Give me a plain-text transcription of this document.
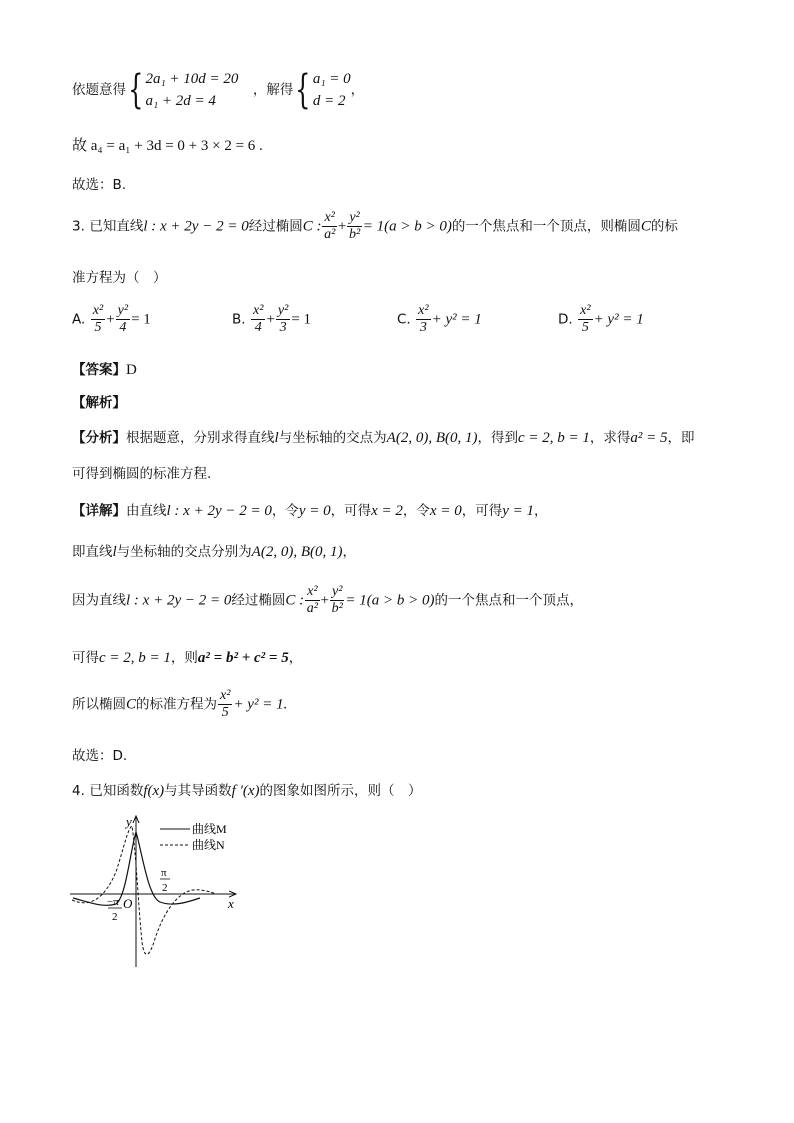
依题意得{ 2a₁ + 10d = 20
a₁ + 2d = 4
，解得{ a₁ = 0
d = 2
，
故 a₄ = a₁ + 3d = 0 + 3 × 2 = 6 .
故选：B.
3. 已知直线l : x + 2y − 2 = 0经过椭圆C : $\frac{\text{x²}}{\text{a²}} + \frac{\text{y²}}{\text{b²}} = 1(a > b > 0)$的一个焦点和一个顶点，则椭圆C的标
准方程为（　）
A. $\frac{\text{x²}}{5} + \frac{\text{y²}}{4} = 1$	B. $\frac{\text{x²}}{4} + \frac{\text{y²}}{3} = 1$	C. $\frac{\text{x²}}{3} + y^2 = 1$	D. $\frac{\text{x²}}{5} + y^2 = 1$
【答案】D
【解析】
【分析】根据题意，分别求得直线l与坐标轴的交点为A(2, 0), B(0, 1)，得到c = 2, b = 1，求得a² = 5，即
可得到椭圆的标准方程.
【详解】由直线l : x + 2y − 2 = 0，令y = 0，可得x = 2，令x = 0，可得y = 1，
即直线l与坐标轴的交点分别为A(2, 0), B(0, 1)，
因为直线l : x + 2y − 2 = 0经过椭圆C : $\frac{\text{x²}}{\text{a²}} + \frac{\text{y²}}{\text{b²}} = 1(a > b > 0)$的一个焦点和一个顶点，
可得c = 2, b = 1，则a² = b² + c² = 5，
所以椭圆C的标准方程为 $\frac{\text{x²}}{5} + y^2 = 1$.
故选：D.
4. 已知函数f(x)与其导函数f ′(x)的图象如图所示，则（　）
y
x
O
−π
2
π
2
曲线M
曲线N
